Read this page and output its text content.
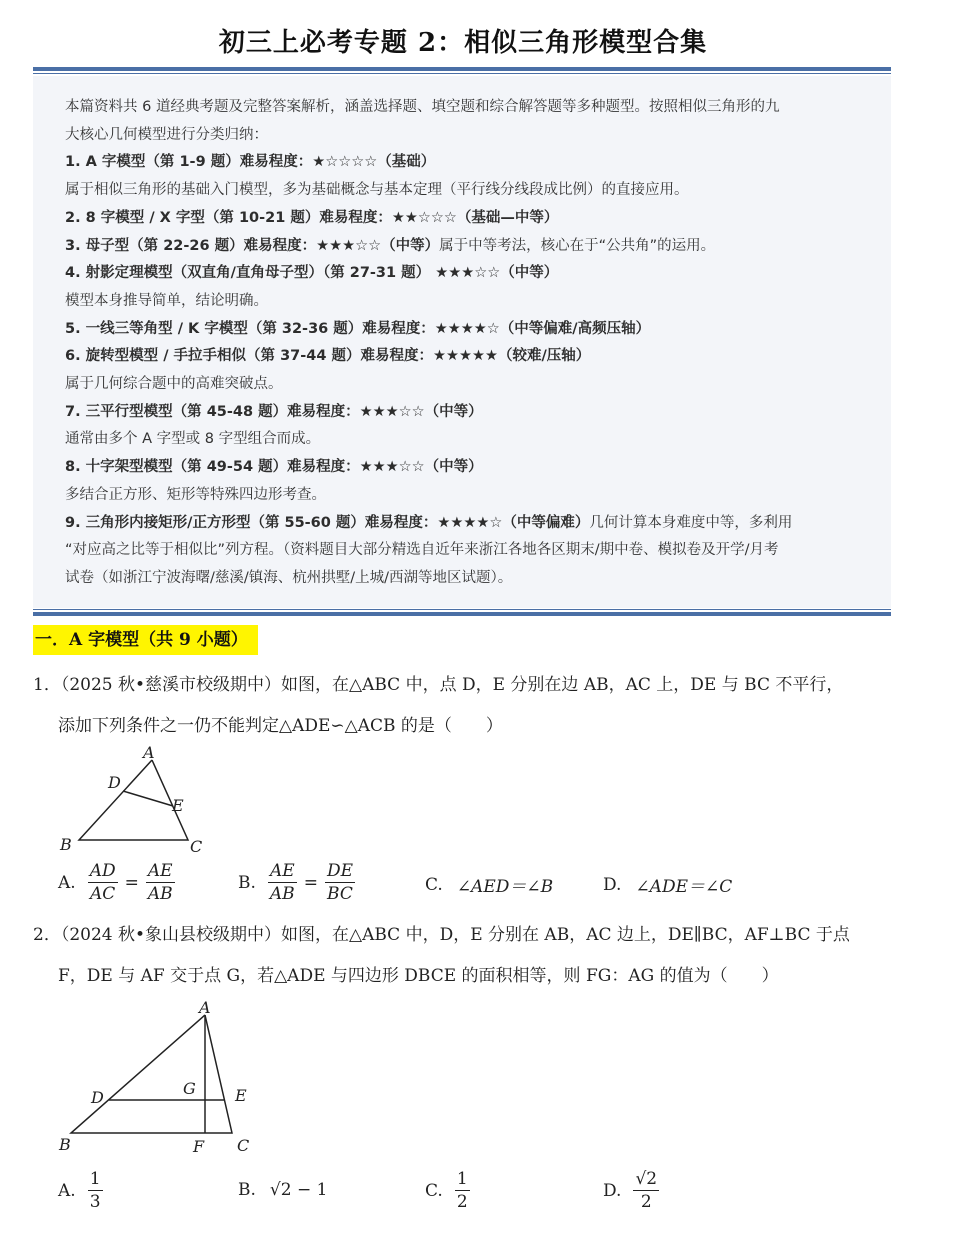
初三上必考专题 2：相似三角形模型合集
本篇资料共 6 道经典考题及完整答案解析，涵盖选择题、填空题和综合解答题等多种题型。按照相似三角形的九
大核心几何模型进行分类归纳：
1. A 字模型（第 1-9 题）难易程度：★☆☆☆☆（基础）
属于相似三角形的基础入门模型，多为基础概念与基本定理（平行线分线段成比例）的直接应用。
2. 8 字模型 / X 字型（第 10-21 题）难易程度：★★☆☆☆（基础—中等）
3. 母子型（第 22-26 题）难易程度：★★★☆☆（中等）属于中等考法，核心在于“公共角”的运用。
4. 射影定理模型（双直角/直角母子型）（第 27-31 题） ★★★☆☆（中等）
模型本身推导简单，结论明确。
5. 一线三等角型 / K 字模型（第 32-36 题）难易程度：★★★★☆（中等偏难/高频压轴）
6. 旋转型模型 / 手拉手相似（第 37-44 题）难易程度：★★★★★（较难/压轴）
属于几何综合题中的高难突破点。
7. 三平行型模型（第 45-48 题）难易程度：★★★☆☆（中等）
通常由多个 A 字型或 8 字型组合而成。
8. 十字架型模型（第 49-54 题）难易程度：★★★☆☆（中等）
多结合正方形、矩形等特殊四边形考查。
9. 三角形内接矩形/正方形型（第 55-60 题）难易程度：★★★★☆（中等偏难）几何计算本身难度中等，多利用
“对应高之比等于相似比”列方程。（资料题目大部分精选自近年来浙江各地各区期末/期中卷、模拟卷及开学/月考
试卷（如浙江宁波海曙/慈溪/镇海、杭州拱墅/上城/西湖等地区试题）。
一．A 字模型（共 9 小题）
1．（2025 秋•慈溪市校级期中）如图，在△ABC 中，点 D，E 分别在边 AB，AC 上，DE 与 BC 不平行，
添加下列条件之一仍不能判定△ADE∽△ACB 的是（　　）
A
D
E
B	C
A. $\frac{AD}{AC} = \frac{AE}{AB}$	B. $\frac{AE}{AB} = \frac{DE}{BC}$	C. ∠AED＝∠B	D. ∠ADE＝∠C
2．（2024 秋•象山县校级期中）如图，在△ABC 中，D，E 分别在 AB，AC 边上，DE∥BC，AF⊥BC 于点
F，DE 与 AF 交于点 G，若△ADE 与四边形 DBCE 的面积相等，则 FG：AG 的值为（　　）
A
D	G E
B	F C
A. $\frac{1}{3}$	B. √2 − 1	C. $\frac{1}{2}$	D. $\frac{√2}{2}$
